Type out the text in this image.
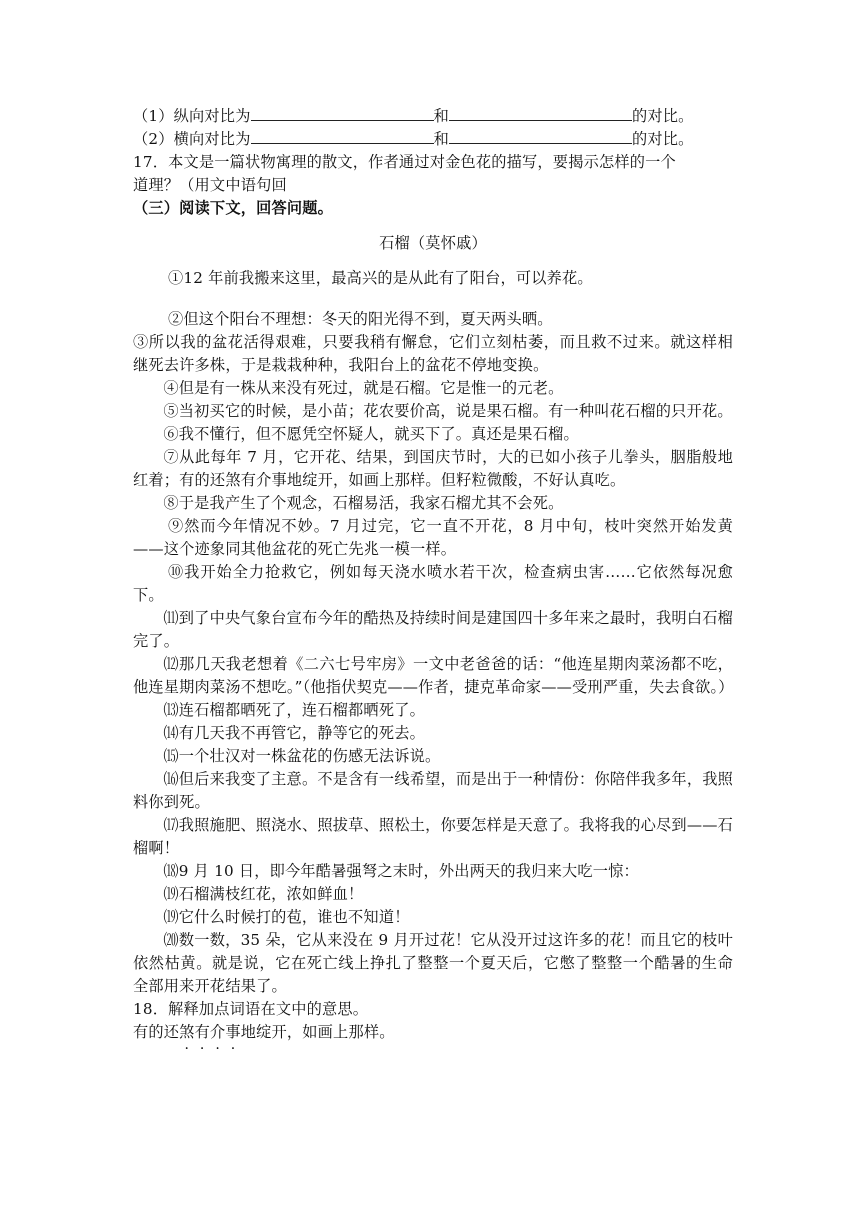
（1）纵向对比为	和	的对比。
（2）横向对比为	和	的对比。
17．本文是一篇状物寓理的散文，作者通过对金色花的描写，要揭示怎样的一个
道理？（用文中语句回
（三）阅读下文，回答问题。
石榴（莫怀戚）
①12 年前我搬来这里，最高兴的是从此有了阳台，可以养花。
②但这个阳台不理想：冬天的阳光得不到，夏天两头晒。
③所以我的盆花活得艰难，只要我稍有懈怠，它们立刻枯萎，而且救不过来。就这样相继死去许多株，于是栽栽种种，我阳台上的盆花不停地变换。
④但是有一株从来没有死过，就是石榴。它是惟一的元老。
⑤当初买它的时候，是小苗；花农要价高，说是果石榴。有一种叫花石榴的只开花。
⑥我不懂行，但不愿凭空怀疑人，就买下了。真还是果石榴。
⑦从此每年 7 月，它开花、结果，到国庆节时，大的已如小孩子儿拳头，胭脂般地红着；有的还煞有介事地绽开，如画上那样。但籽粒微酸，不好认真吃。
⑧于是我产生了个观念，石榴易活，我家石榴尤其不会死。
⑨然而今年情况不妙。7 月过完，它一直不开花，8 月中旬，枝叶突然开始发黄——这个迹象同其他盆花的死亡先兆一模一样。
⑩我开始全力抢救它，例如每天浇水喷水若干次，检查病虫害……它依然每况愈下。
⑾到了中央气象台宣布今年的酷热及持续时间是建国四十多年来之最时，我明白石榴完了。
⑿那几天我老想着《二六七号牢房》一文中老爸爸的话：“他连星期肉菜汤都不吃，他连星期肉菜汤不想吃。”（他指伏契克——作者，捷克革命家——受刑严重，失去食欲。）
⒀连石榴都晒死了，连石榴都晒死了。
⒁有几天我不再管它，静等它的死去。
⒂一个壮汉对一株盆花的伤感无法诉说。
⒃但后来我变了主意。不是含有一线希望，而是出于一种情份：你陪伴我多年，我照料你到死。
⒄我照施肥、照浇水、照拔草、照松土，你要怎样是天意了。我将我的心尽到——石榴啊！
⒅9 月 10 日，即今年酷暑强弩之末时，外出两天的我归来大吃一惊：
⒆石榴满枝红花，浓如鲜血！
⒆它什么时候打的苞，谁也不知道！
⒇数一数，35 朵，它从来没在 9 月开过花！它从没开过这许多的花！而且它的枝叶依然枯黄。就是说，它在死亡线上挣扎了整整一个夏天后，它憋了整整一个酷暑的生命全部用来开花结果了。
18．解释加点词语在文中的意思。
有的还煞有介事地绽开，如画上那样。
